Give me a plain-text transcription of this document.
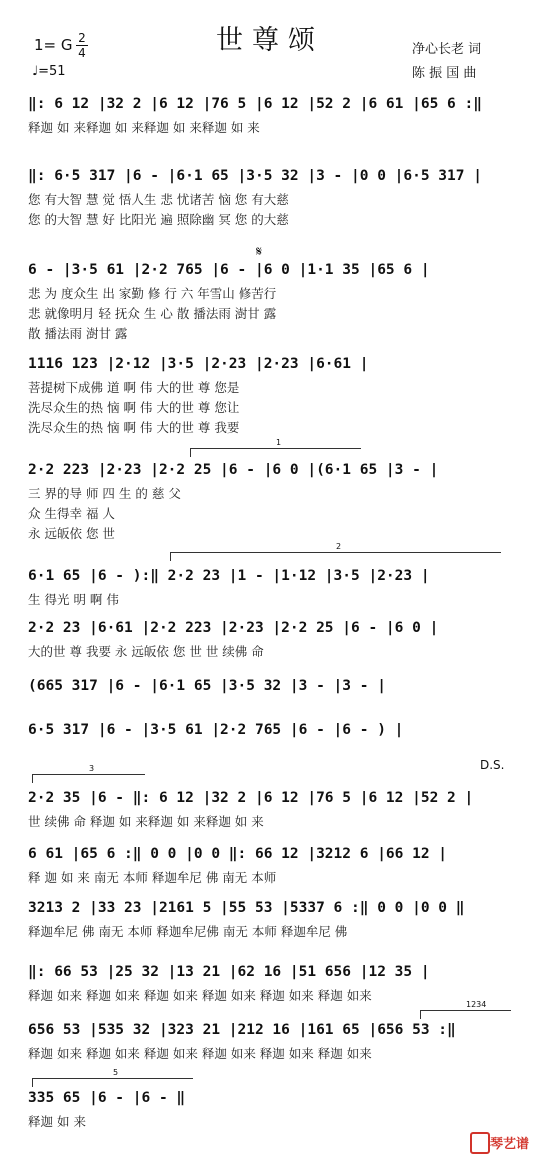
世尊颂
1= G 2
4
♩=51
净心长老 词
陈 振 国 曲
‖: 6 12 |32 2 |6 12 |76 5 |6 12 |52 2 |6 61 |65 6 :‖
释迦 如 来释迦 如 来释迦 如 来释迦 如 来
‖: 6·5 317 |6 - |6·1 65 |3·5 32 |3 - |0 0 |6·5 317 |
您 有大智 慧 觉 悟人生 悲 忧诸苦 恼 您 有大慈
您 的大智 慧 好 比阳光 遍 照除幽 冥 您 的大慈
6 - |3·5 61 |2·2 765 |6 - |6 0 |1·1 35 |65 6 |
悲 为 度众生 出 家勤 修 行 六 年雪山 修苦行
悲 就像明月 轻 抚众 生 心 散 播法雨 澍甘 露
散 播法雨 澍甘 露
1116 123 |2·12 |3·5 |2·23 |2·23 |6·61 |
菩提树下成佛 道 啊 伟 大的世 尊 您是
洗尽众生的热 恼 啊 伟 大的世 尊 您让
洗尽众生的热 恼 啊 伟 大的世 尊 我要
2·2 223 |2·23 |2·2 25 |6 - |6 0 |(6·1 65 |3 - |
三 界的导 师 四 生 的 慈 父
众 生得幸 福 人
永 远皈依 您 世
6·1 65 |6 - ):‖ 2·2 23 |1 - |1·12 |3·5 |2·23 |
生 得光 明 啊 伟
2·2 23 |6·61 |2·2 223 |2·23 |2·2 25 |6 - |6 0 |
大的世 尊 我要 永 远皈依 您 世 世 续佛 命
(665 317 |6 - |6·1 65 |3·5 32 |3 - |3 - |
6·5 317 |6 - |3·5 61 |2·2 765 |6 - |6 - ) |
2·2 35 |6 - ‖: 6 12 |32 2 |6 12 |76 5 |6 12 |52 2 |
世 续佛 命 释迦 如 来释迦 如 来释迦 如 来
6 61 |65 6 :‖ 0 0 |0 0 ‖: 66 12 |3212 6 |66 12 |
释 迦 如 来 南无 本师 释迦牟尼 佛 南无 本师
3213 2 |33 23 |2161 5 |55 53 |5337 6 :‖ 0 0 |0 0 ‖
释迦牟尼 佛 南无 本师 释迦牟尼佛 南无 本师 释迦牟尼 佛
‖: 66 53 |25 32 |13 21 |62 16 |51 656 |12 35 |
释迦 如来 释迦 如来 释迦 如来 释迦 如来 释迦 如来 释迦 如来
656 53 |535 32 |323 21 |212 16 |161 65 |656 53 :‖
释迦 如来 释迦 如来 释迦 如来 释迦 如来 释迦 如来 释迦 如来
335 65 |6 - |6 - ‖
释迦 如 来
1
2
3
1234
5
𝄋
D.S.
琴艺谱
